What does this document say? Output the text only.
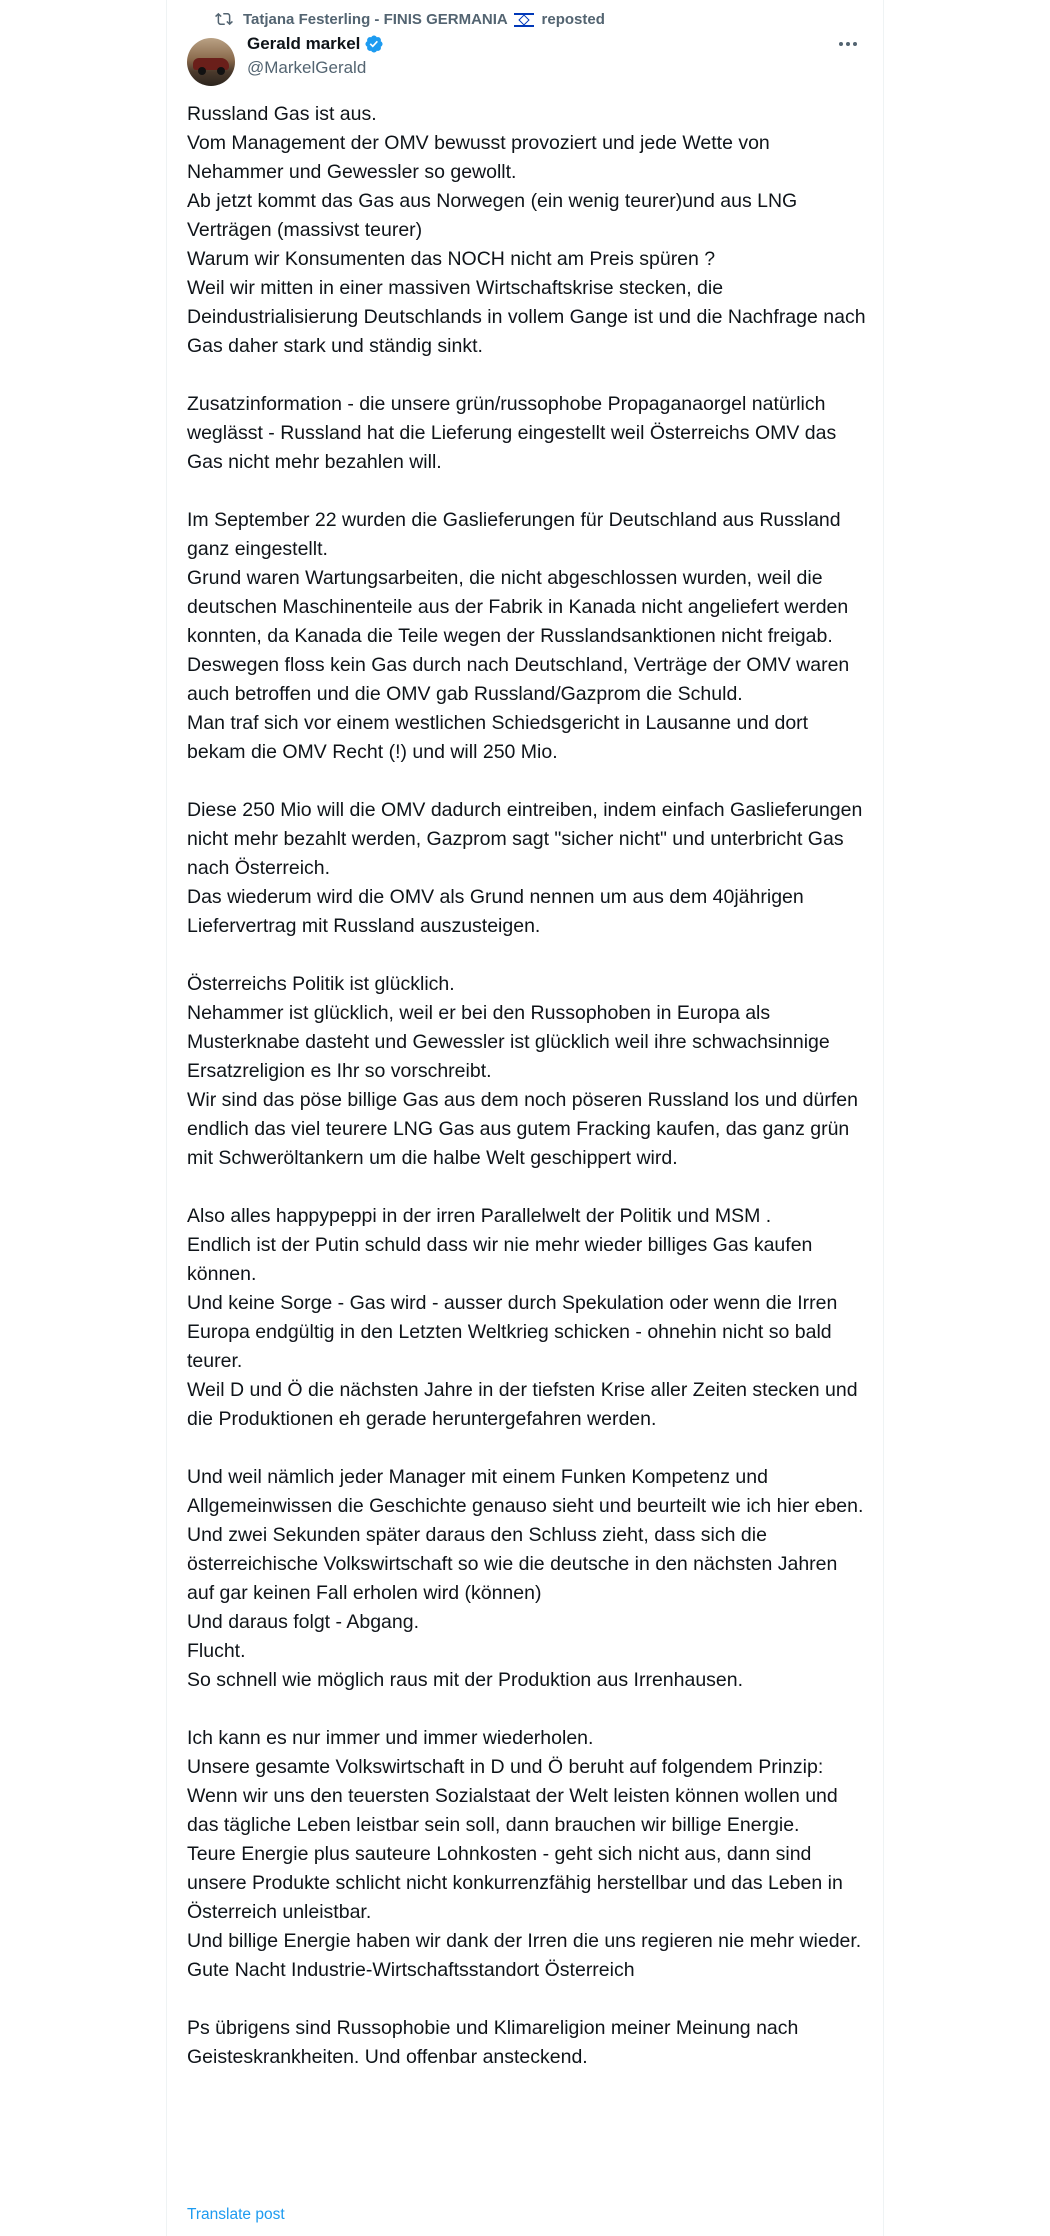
Tatjana Festerling - FINIS GERMANIA reposted
Gerald markel
@MarkelGerald
Russland Gas ist aus.
Vom Management der OMV bewusst provoziert und jede Wette von Nehammer und Gewessler so gewollt.
Ab jetzt kommt das Gas aus Norwegen (ein wenig teurer)und aus LNG Verträgen (massivst teurer)
Warum wir Konsumenten das NOCH nicht am Preis spüren ?
Weil wir mitten in einer massiven Wirtschaftskrise stecken, die Deindustrialisierung Deutschlands in vollem Gange ist und die Nachfrage nach Gas daher stark und ständig sinkt.

Zusatzinformation - die unsere grün/russophobe Propaganaorgel natürlich weglässt - Russland hat die Lieferung eingestellt weil Österreichs OMV das Gas nicht mehr bezahlen will.

Im September 22 wurden die Gaslieferungen für Deutschland aus Russland ganz eingestellt.
Grund waren Wartungsarbeiten, die nicht abgeschlossen wurden, weil die deutschen Maschinenteile aus der Fabrik in Kanada nicht angeliefert werden konnten, da Kanada die Teile wegen der Russlandsanktionen nicht freigab.
Deswegen floss kein Gas durch nach Deutschland, Verträge der OMV waren auch betroffen und die OMV gab Russland/Gazprom die Schuld.
Man traf sich vor einem westlichen Schiedsgericht in Lausanne und dort bekam die OMV Recht (!) und will 250 Mio.

Diese 250 Mio will die OMV dadurch eintreiben, indem einfach Gaslieferungen nicht mehr bezahlt werden, Gazprom sagt "sicher nicht" und unterbricht Gas nach Österreich.
Das wiederum wird die OMV als Grund nennen um aus dem 40jährigen Liefervertrag mit Russland auszusteigen.

Österreichs Politik ist glücklich.
Nehammer ist glücklich, weil er bei den Russophoben in Europa als Musterknabe dasteht und Gewessler ist glücklich weil ihre schwachsinnige Ersatzreligion es Ihr so vorschreibt.
Wir sind das pöse billige Gas aus dem noch pöseren Russland los und dürfen endlich das viel teurere LNG Gas aus gutem Fracking kaufen, das ganz grün mit Schweröltankern um die halbe Welt geschippert wird.

Also alles happypeppi in der irren Parallelwelt der Politik und MSM .
Endlich ist der Putin schuld dass wir nie mehr wieder billiges Gas kaufen können.
Und keine Sorge - Gas wird - ausser durch Spekulation oder wenn die Irren Europa endgültig in den Letzten Weltkrieg schicken - ohnehin nicht so bald teurer.
Weil D und Ö die nächsten Jahre in der tiefsten Krise aller Zeiten stecken und die Produktionen eh gerade heruntergefahren werden.

Und weil nämlich jeder Manager mit einem Funken Kompetenz und Allgemeinwissen die Geschichte genauso sieht und beurteilt wie ich hier eben.
Und zwei Sekunden später daraus den Schluss zieht, dass sich die österreichische Volkswirtschaft so wie die deutsche in den nächsten Jahren auf gar keinen Fall erholen wird (können)
Und daraus folgt - Abgang.
Flucht.
So schnell wie möglich raus mit der Produktion aus Irrenhausen.

Ich kann es nur immer und immer wiederholen.
Unsere gesamte Volkswirtschaft in D und Ö beruht auf folgendem Prinzip:
Wenn wir uns den teuersten Sozialstaat der Welt leisten können wollen und das tägliche Leben leistbar sein soll, dann brauchen wir billige Energie.
Teure Energie plus sauteure Lohnkosten - geht sich nicht aus, dann sind unsere Produkte schlicht nicht konkurrenzfähig herstellbar und das Leben in Österreich unleistbar.
Und billige Energie haben wir dank der Irren die uns regieren nie mehr wieder.
Gute Nacht Industrie-Wirtschaftsstandort Österreich

Ps übrigens sind Russophobie und Klimareligion meiner Meinung nach Geisteskrankheiten. Und offenbar ansteckend.
Translate post
